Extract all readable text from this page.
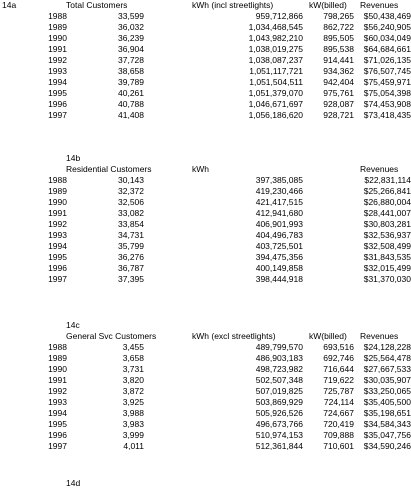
14a	Total Customers	kWh (incl streetlights)	kW(billed) Revenues
1988	33,599	959,712,866	798,265	$50,438,469
1989	36,032	1,034,468,545	862,722	$56,240,905
1990	36,239	1,043,982,210	895,505	$60,034,049
1991	36,904	1,038,019,275	895,538	$64,684,661
1992	37,728	1,038,087,237	914,441	$71,026,135
1993	38,658	1,051,117,721	934,362	$76,507,745
1994	39,789	1,051,504,511	942,404	$75,459,971
1995	40,261	1,051,379,070	975,761	$75,054,398
1996	40,788	1,046,671,697	928,087	$74,453,908
1997	41,408	1,056,186,620	928,721	$73,418,435
14b
Residential Customers	kWh	Revenues
1988	30,143	397,385,085	$22,831,114
1989	32,372	419,230,466	$25,266,841
1990	32,506	421,417,515	$26,880,004
1991	33,082	412,941,680	$28,441,007
1992	33,854	406,901,993	$30,803,281
1993	34,731	404,496,783	$32,536,937
1994	35,799	403,725,501	$32,508,499
1995	36,276	394,475,356	$31,843,535
1996	36,787	400,149,858	$32,015,499
1997	37,395	398,444,918	$31,370,030
14c
General Svc Customers	kWh (excl streetlights)	kW(billed) Revenues
1988	3,455	489,799,570	693,516	$24,128,228
1989	3,658	486,903,183	692,746	$25,564,478
1990	3,731	498,723,982	716,644	$27,667,533
1991	3,820	502,507,348	719,622	$30,035,907
1992	3,872	507,019,825	725,787	$33,250,065
1993	3,925	503,869,929	724,114	$35,405,500
1994	3,988	505,926,526	724,667	$35,198,651
1995	3,983	496,673,766	720,419	$34,584,343
1996	3,999	510,974,153	709,888	$35,047,756
1997	4,011	512,361,844	710,601	$34,590,246
14d
